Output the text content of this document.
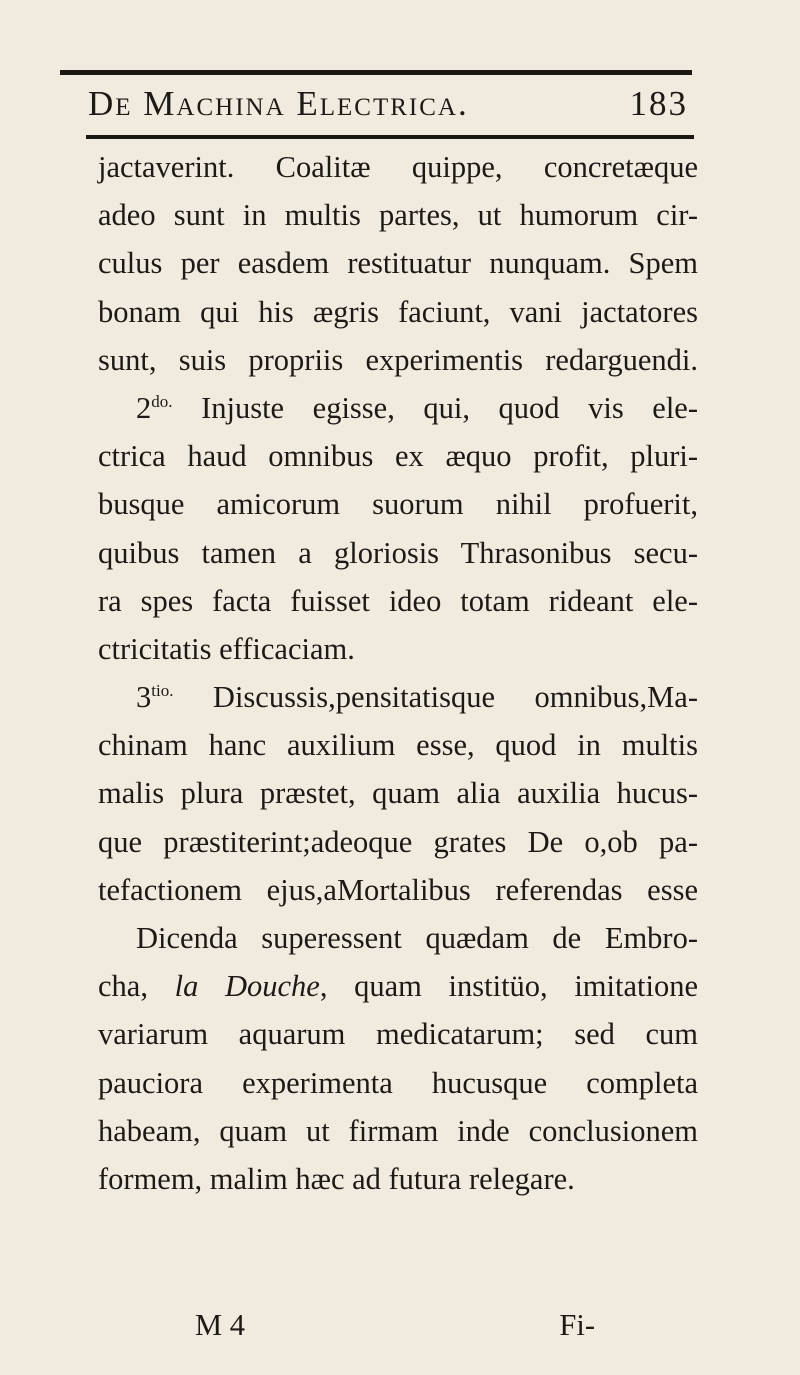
De Machina Electrica.	183
jactaverint. Coalitæ quippe, concretæque
adeo sunt in multis partes, ut humorum cir-
culus per easdem restituatur nunquam. Spem
bonam qui his ægris faciunt, vani jactatores
sunt, suis propriis experimentis redarguendi.
$2^{do.}$ Injuste egisse, qui, quod vis ele-
ctrica haud omnibus ex æquo profit, pluri-
busque amicorum suorum nihil profuerit,
quibus tamen a gloriosis Thrasonibus secu-
ra spes facta fuisset ideo totam rideant ele-
ctricitatis efficaciam.
$3^{tio.}$ Discussis,pensitatisque omnibus,Ma-
chinam hanc auxilium esse, quod in multis
malis plura præstet, quam alia auxilia hucus-
que præstiterint;adeoque grates De o,ob pa-
tefactionem ejus,aMortalibus referendas esse
Dicenda superessent quædam de Embro-
cha, la Douche, quam institüo, imitatione
variarum aquarum medicatarum; sed cum
pauciora experimenta hucusque completa
habeam, quam ut firmam inde conclusionem
formem, malim hæc ad futura relegare.
M 4	Fi-
